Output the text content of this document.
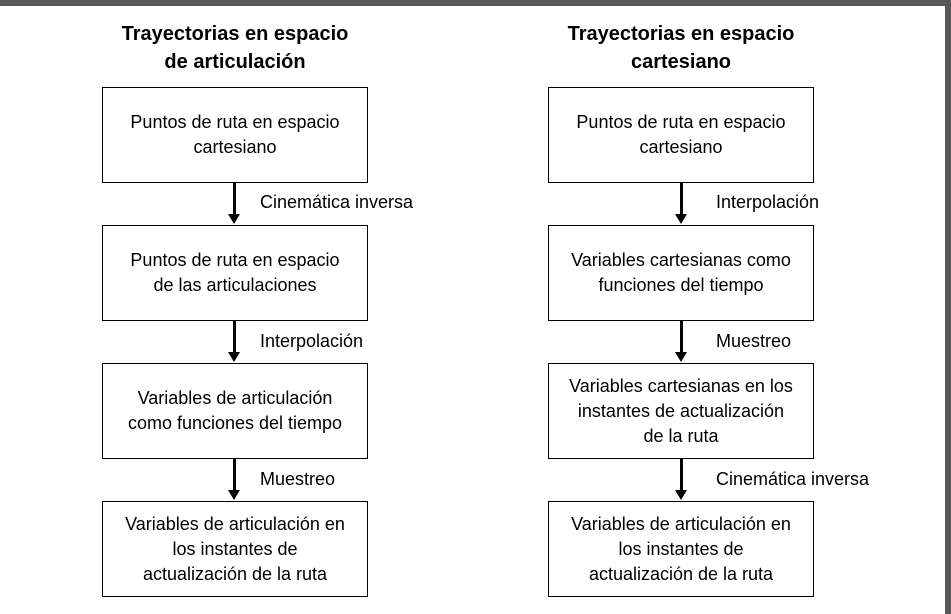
Trayectorias en espacio
de articulación
Puntos de ruta en espacio
cartesiano
Cinemática inversa
Puntos de ruta en espacio
de las articulaciones
Interpolación
Variables de articulación
como funciones del tiempo
Muestreo
Variables de articulación en
los instantes de
actualización de la ruta
Trayectorias en espacio
cartesiano
Puntos de ruta en espacio
cartesiano
Interpolación
Variables cartesianas como
funciones del tiempo
Muestreo
Variables cartesianas en los
instantes de actualización
de la ruta
Cinemática inversa
Variables de articulación en
los instantes de
actualización de la ruta
